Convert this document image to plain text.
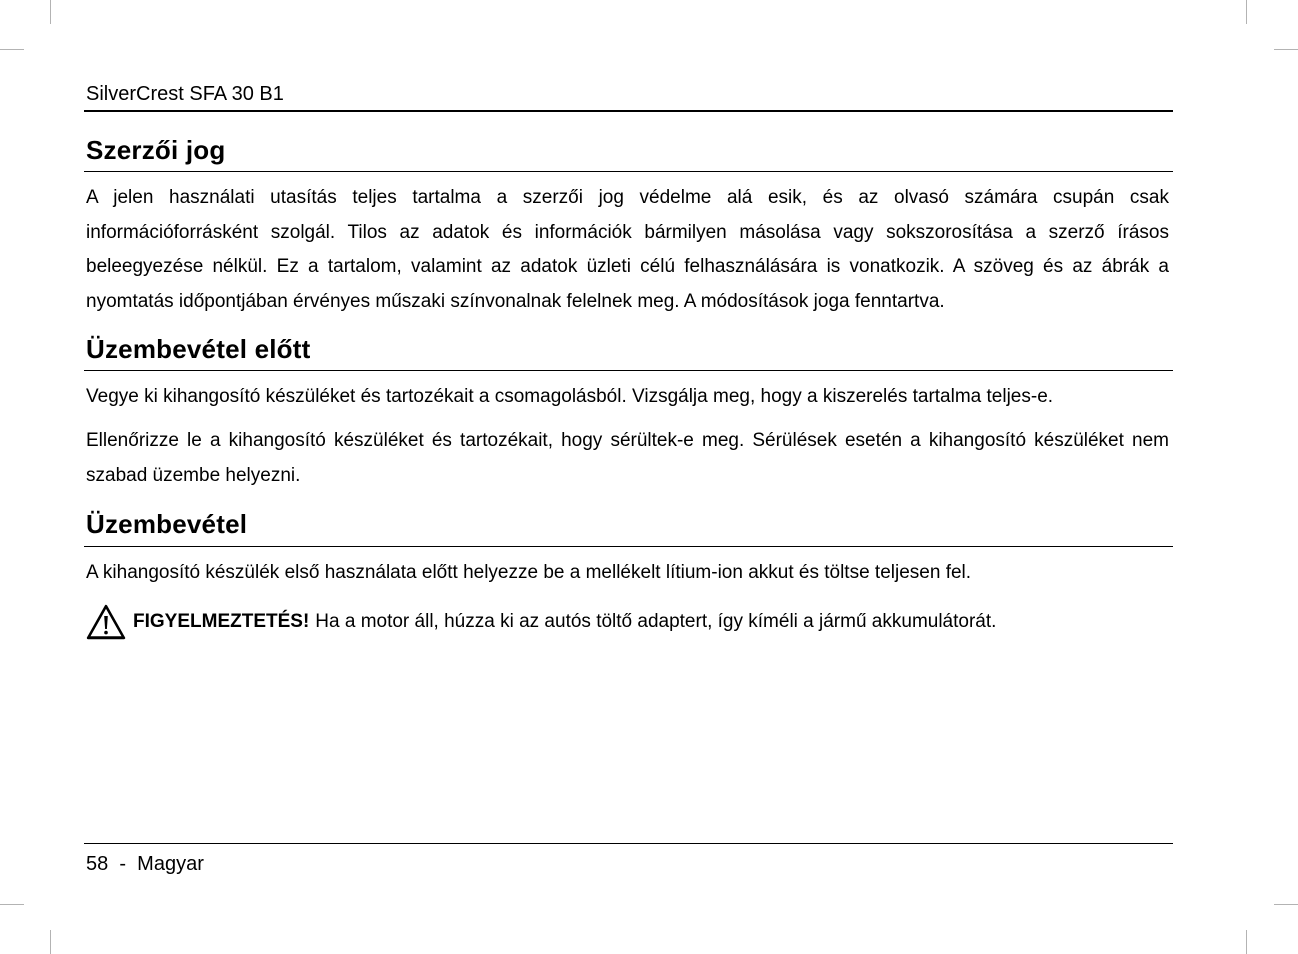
SilverCrest SFA 30 B1
Szerzői jog

A jelen használati utasítás teljes tartalma a szerzői jog védelme alá esik, és az olvasó számára csupán csak információforrásként szolgál. Tilos az adatok és információk bármilyen másolása vagy sokszorosítása a szerző írásos beleegyezése nélkül. Ez a tartalom, valamint az adatok üzleti célú felhasználására is vonatkozik. A szöveg és az ábrák a nyomtatás időpontjában érvényes műszaki színvonalnak felelnek meg. A módosítások joga fenntartva.

Üzembevétel előtt

Vegye ki kihangosító készüléket és tartozékait a csomagolásból. Vizsgálja meg, hogy a kiszerelés tartalma teljes-e.

Ellenőrizze le a kihangosító készüléket és tartozékait, hogy sérültek-e meg. Sérülések esetén a kihangosító készüléket nem szabad üzembe helyezni.

Üzembevétel

A kihangosító készülék első használata előtt helyezze be a mellékelt lítium-ion akkut és töltse teljesen fel.

FIGYELMEZTETÉS! Ha a motor áll, húzza ki az autós töltő adaptert, így kíméli a jármű akkumulátorát.
58 - Magyar
